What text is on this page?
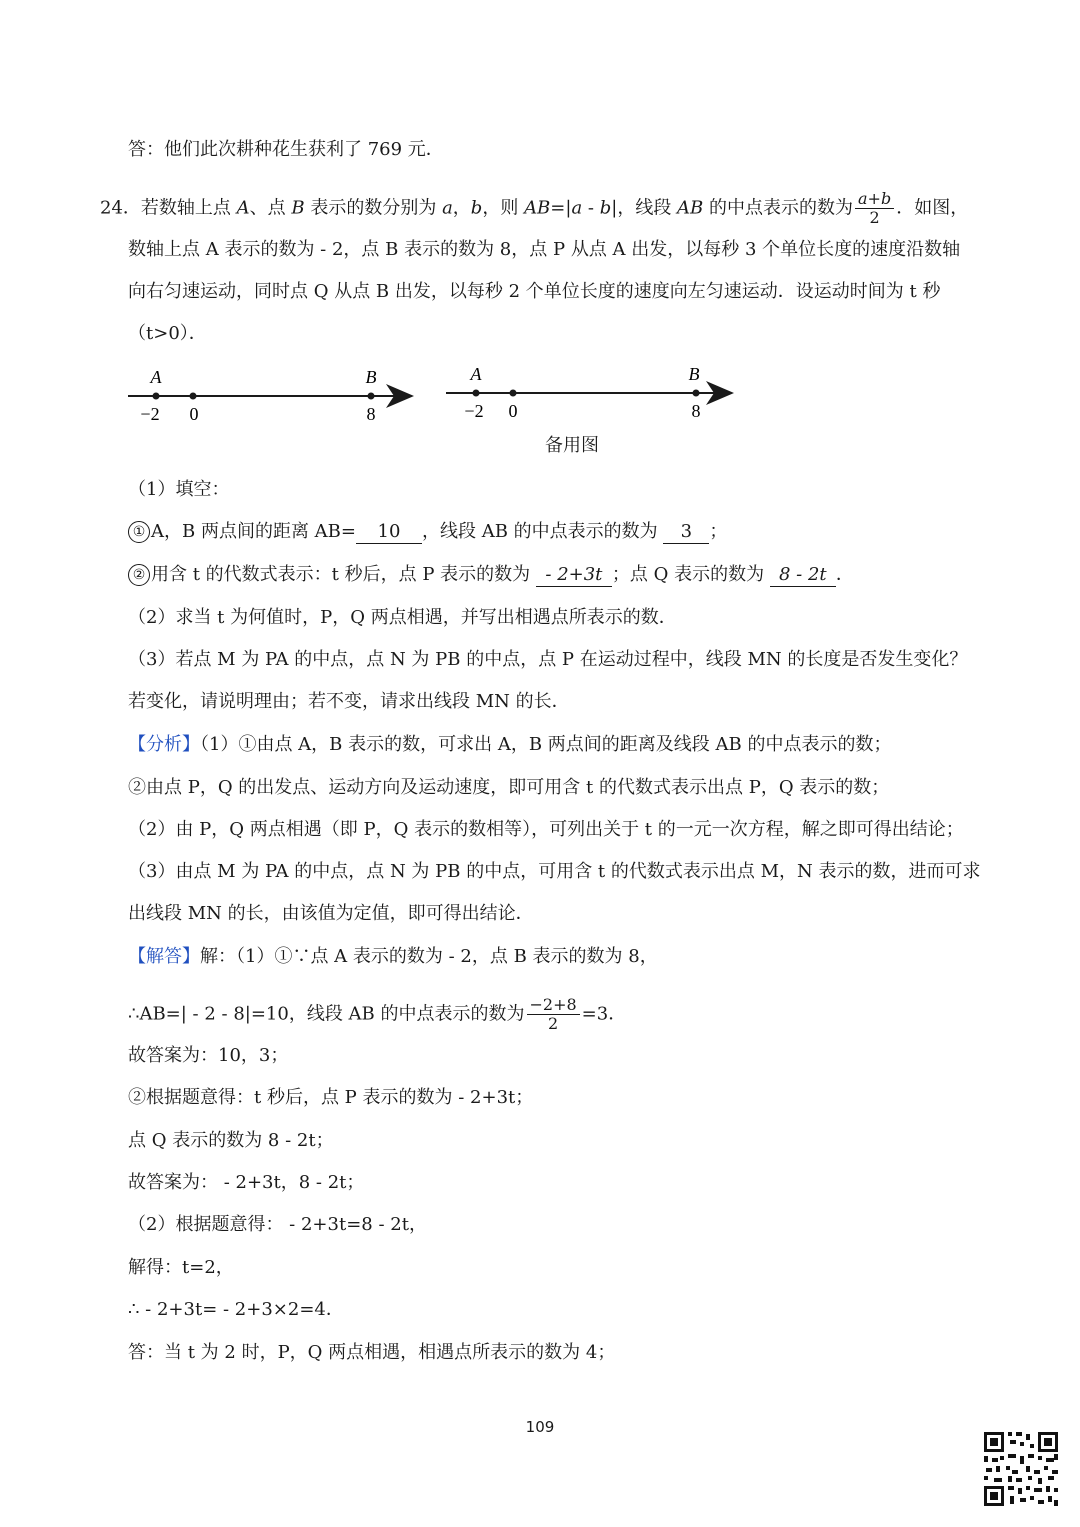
答：他们此次耕种花生获利了 769 元．
24．若数轴上点 A、点 B 表示的数分别为 a，b，则 AB=|a - b|，线段 AB 的中点表示的数为 $\frac{a+b}{2}$ ．如图，
数轴上点 A 表示的数为 - 2，点 B 表示的数为 8，点 P 从点 A 出发，以每秒 3 个单位长度的速度沿数轴
向右匀速运动，同时点 Q 从点 B 出发，以每秒 2 个单位长度的速度向左匀速运动．设运动时间为 t 秒
（t>0）．
A	B
−2 0	8
A	B
−2 0	8
备用图
（1）填空：
① A，B 两点间的距离 AB= 10 ，线段 AB 的中点表示的数为 3 ；
② 用含 t 的代数式表示：t 秒后，点 P 表示的数为 - 2+3t ；点 Q 表示的数为 8 - 2t ．
（2）求当 t 为何值时，P，Q 两点相遇，并写出相遇点所表示的数．
（3）若点 M 为 PA 的中点，点 N 为 PB 的中点，点 P 在运动过程中，线段 MN 的长度是否发生变化？
若变化，请说明理由；若不变，请求出线段 MN 的长．
【分析】（1）①由点 A，B 表示的数，可求出 A，B 两点间的距离及线段 AB 的中点表示的数；
②由点 P，Q 的出发点、运动方向及运动速度，即可用含 t 的代数式表示出点 P，Q 表示的数；
（2）由 P，Q 两点相遇（即 P，Q 表示的数相等），可列出关于 t 的一元一次方程，解之即可得出结论；
（3）由点 M 为 PA 的中点，点 N 为 PB 的中点，可用含 t 的代数式表示出点 M，N 表示的数，进而可求
出线段 MN 的长，由该值为定值，即可得出结论．
【解答】解：（1）①∵点 A 表示的数为 - 2，点 B 表示的数为 8，
∴AB=| - 2 - 8|=10，线段 AB 的中点表示的数为 $\frac{-2+8}{2} =3$．
故答案为：10，3；
②根据题意得：t 秒后，点 P 表示的数为 - 2+3t；
点 Q 表示的数为 8 - 2t；
故答案为： - 2+3t，8 - 2t；
（2）根据题意得： - 2+3t=8 - 2t，
解得：t=2，
∴ - 2+3t= - 2+3×2=4．
答：当 t 为 2 时，P，Q 两点相遇，相遇点所表示的数为 4；
109
